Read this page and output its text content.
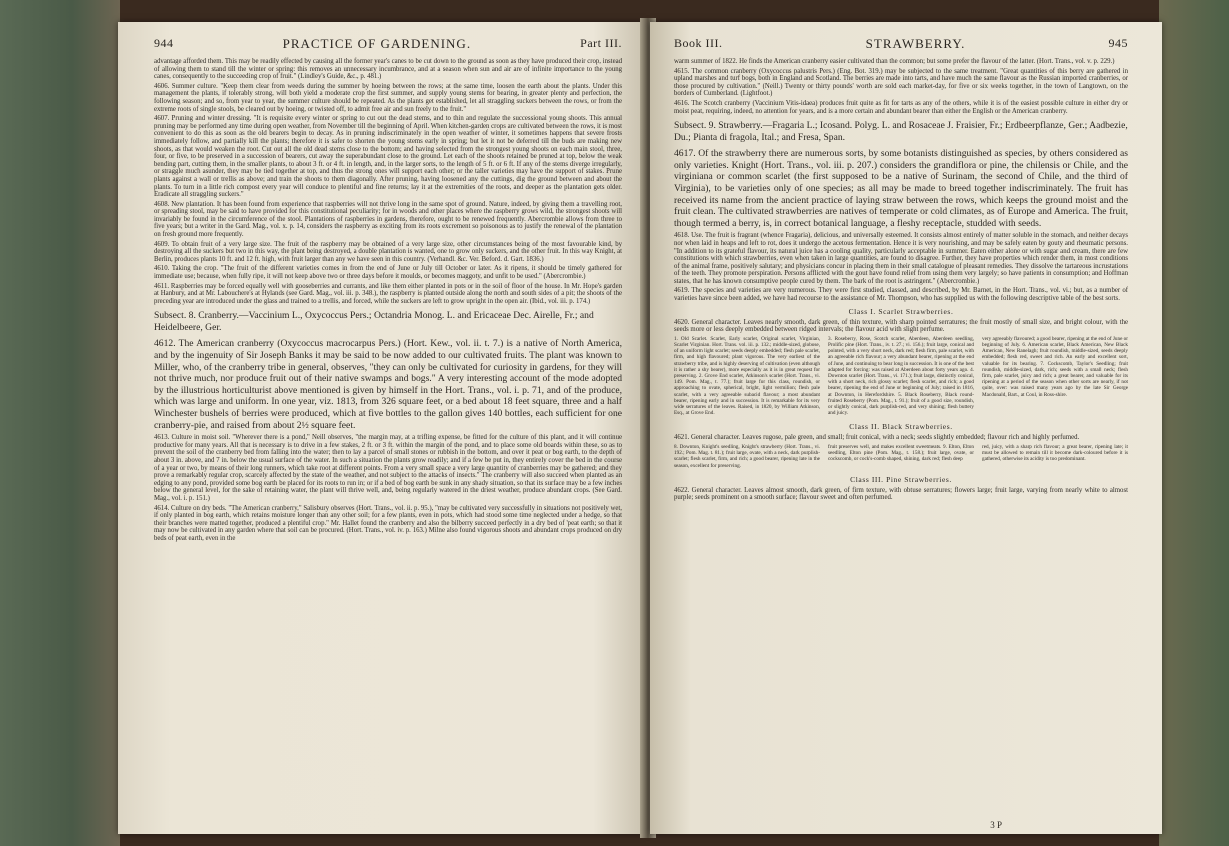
944	PRACTICE OF GARDENING.	Part III.

advantage afforded them. This may be readily effected by causing all the former year's canes to be cut down to the ground as soon as they have produced their crop, instead of allowing them to stand till the winter or spring: this removes an unnecessary incumbrance, and at a season when sun and air are of infinite importance to the young canes, consequently to the succeeding crop of fruit." (Lindley's Guide, &c., p. 481.)

4606. Summer culture. "Keep them clear from weeds during the summer by hoeing between the rows; at the same time, loosen the earth about the plants. Under this management the plants, if tolerably strong, will both yield a moderate crop the first summer, and supply young stems for bearing, in greater plenty and perfection, the following season; and so, from year to year, the summer culture should be repeated. As the plants get established, let all straggling suckers between the rows, or from the extreme roots of single stools, be cleared out by hoeing, or twisted off, to admit free air and sun freely to the fruit."

4607. Pruning and winter dressing. "It is requisite every winter or spring to cut out the dead stems, and to thin and regulate the successional young shoots. This annual pruning may be performed any time during open weather, from November till the beginning of April. When kitchen-garden crops are cultivated between the rows, it is most convenient to do this as soon as the old bearers begin to decay. As in pruning indiscriminately in the open weather of winter, it sometimes happens that severe frosts immediately follow, and partially kill the plants; therefore it is safer to shorten the young stems early in spring; but let it not be deferred till the buds are making new shoots, as that would weaken the root. Cut out all the old dead stems close to the bottom; and having selected from the strongest young shoots on each main stool, three, four, or five, to be preserved in a succession of bearers, cut away the superabundant close to the ground. Let each of the shoots retained be pruned at top, below the weak bending part, cutting them, in the smaller plants, to about 3 ft. or 4 ft. in length, and, in the larger sorts, to the length of 5 ft. or 6 ft. If any of the stems diverge irregularly, or straggle much asunder, they may be tied together at top, and thus the strong ones will support each other; or the taller varieties may have the support of stakes. Prune plants against a wall or trellis as above; and train the shoots to them diagonally. After pruning, having loosened any the cuttings, dig the ground between and about the plants. To turn in a little rich compost every year will conduce to plentiful and fine returns; lay it at the extremities of the roots, and deeper as the plantation gets older. Eradicate all straggling suckers."

4608. New plantation. It has been found from experience that raspberries will not thrive long in the same spot of ground. Nature, indeed, by giving them a travelling root, or spreading stool, may be said to have provided for this constitutional peculiarity; for in woods and other places where the raspberry grows wild, the strongest shoots will invariably be found in the circumference of the stool. Plantations of raspberries in gardens, therefore, ought to be renewed frequently. Abercrombie allows from three to five years; but a writer in the Gard. Mag., vol. x. p. 14, considers the raspberry as exciting from its roots excrement so poisonous as to justify the renewal of the plantation on fresh ground more frequently.

4609. To obtain fruit of a very large size. The fruit of the raspberry may be obtained of a very large size, other circumstances being of the most favourable kind, by destroying all the suckers but two in this way, the plant being destroyed, a double plantation is wanted, one to grow only suckers, and the other fruit. In this way Knight, at Berlin, produces plants 10 ft. and 12 ft. high, with fruit larger than any we have seen in this country. (Verhandl. &c. Ver. Beford. d. Gart. 1836.)

4610. Taking the crop. "The fruit of the different varieties comes in from the end of June or July till October or later. As it ripens, it should be timely gathered for immediate use; because, when fully ripe, it will not keep above two or three days before it moulds, or becomes maggoty, and unfit to be used." (Abercrombie.)

4611. Raspberries may be forced equally well with gooseberries and currants, and like them either planted in pots or in the soil of floor of the house. In Mr. Hope's garden at Hanbury, and at Mr. Labouchere's at Hylands (see Gard. Mag., vol. iii. p. 348.), the raspberry is planted outside along the north and south sides of a pit; the shoots of the preceding year are introduced under the glass and trained to a trellis, and forced, while the suckers are left to grow upright in the open air. (Ibid., vol. iii. p. 174.)

Subsect. 8. Cranberry.—Vaccinium L., Oxycoccus Pers.; Octandria Monog. L. and Ericaceae Dec. Airelle, Fr.; and Heidelbeere, Ger.

4612. The American cranberry (Oxycoccus macrocarpus Pers.) (Hort. Kew., vol. ii. t. 7.) is a native of North America, and by the ingenuity of Sir Joseph Banks it may be said to be now added to our cultivated fruits. The plant was known to Miller, who, of the cranberry tribe in general, observes, "they can only be cultivated for curiosity in gardens, for they will not thrive much, nor produce fruit out of their native swamps and bogs." A very interesting account of the mode adopted by the illustrious horticulturist above mentioned is given by himself in the Hort. Trans., vol. i. p. 71, and of the produce, which was large and uniform. In one year, viz. 1813, from 326 square feet, or a bed about 18 feet square, three and a half Winchester bushels of berries were produced, which at five bottles to the gallon gives 140 bottles, each sufficient for one cranberry-pie, and raised from about 2½ square feet.

4613. Culture in moist soil. "Wherever there is a pond," Neill observes, "the margin may, at a trifling expense, be fitted for the culture of this plant, and it will continue productive for many years. All that is necessary is to drive in a few stakes, 2 ft. or 3 ft. within the margin of the pond, and to place some old boards within these, so as to prevent the soil of the cranberry bed from falling into the water; then to lay a parcel of small stones or rubbish in the bottom, and over it peat or bog earth, to the depth of about 3 in. above, and 7 in. below the usual surface of the water. In such a situation the plants grow readily; and if a few be put in, they entirely cover the bed in the course of a year or two, by means of their long runners, which take root at different points. From a very small space a very large quantity of cranberries may be gathered; and they prove a remarkably regular crop, scarcely affected by the state of the weather, and not subject to the attacks of insects." The cranberry will also succeed when planted as an edging to any pond, provided some bog earth be placed for its roots to run in; or if a bed of bog earth be sunk in any shady situation, so that its surface may be a few inches below the general level, for the sake of retaining water, the plant will thrive well, and, being regularly watered in the driest weather, produce abundant crops. (See Gard. Mag., vol. i. p. 151.)

4614. Culture on dry beds. "The American cranberry," Salisbury observes (Hort. Trans., vol. ii. p. 95.), "may be cultivated very successfully in situations not positively wet, if only planted in bog earth, which retains moisture longer than any other soil; for a few plants, even in pots, which had stood some time neglected under a hedge, so that their branches were matted together, produced a plentiful crop." Mr. Hallet found the cranberry and also the bilberry succeed perfectly in a dry bed of 'peat earth; so that it may now be cultivated in any garden where that soil can be procured. (Hort. Trans., vol. iv. p. 163.) Milne also found vigorous shoots and abundant crops produced on dry beds of peat earth, even in the

Book III.	STRAWBERRY.	945

warm summer of 1822. He finds the American cranberry easier cultivated than the common; but some prefer the flavour of the latter. (Hort. Trans., vol. v. p. 229.)

4615. The common cranberry (Oxycoccus palustris Pers.) (Eng. Bot. 319.) may be subjected to the same treatment. "Great quantities of this berry are gathered in upland marshes and turf bogs, both in England and Scotland. The berries are made into tarts, and have much the same flavour as the Russian imported cranberries, or those procured by cultivation." (Neill.) Twenty or thirty pounds' worth are sold each market-day, for five or six weeks together, in the town of Langtown, on the borders of Cumberland. (Lightfoot.)

4616. The Scotch cranberry (Vaccinium Vitis-idaea) produces fruit quite as fit for tarts as any of the others, while it is of the easiest possible culture in either dry or moist peat, requiring, indeed, no attention for years, and is a more certain and abundant bearer than either the English or the American cranberry.

Subsect. 9. Strawberry.—Fragaria L.; Icosand. Polyg. L. and Rosaceae J. Fraisier, Fr.; Erdbeerpflanze, Ger.; Aadbezie, Du.; Pianta di fragola, Ital.; and Fresa, Span.

4617. Of the strawberry there are numerous sorts, by some botanists distinguished as species, by others considered as only varieties. Knight (Hort. Trans., vol. iii. p. 207.) considers the grandiflora or pine, the chilensis or Chile, and the virginiana or common scarlet (the first supposed to be a native of Surinam, the second of Chile, and the third of Virginia), to be varieties only of one species; as all may be made to breed together indiscriminately. The fruit has received its name from the ancient practice of laying straw between the rows, which keeps the ground moist and the fruit clean. The cultivated strawberries are natives of temperate or cold climates, as of Europe and America. The fruit, though termed a berry, is, in correct botanical language, a fleshy receptacle, studded with seeds.

4618. Use. The fruit is fragrant (whence Fragaria), delicious, and universally esteemed. It consists almost entirely of matter soluble in the stomach, and neither decays nor when laid in heaps and left to rot, does it undergo the acetous fermentation. Hence it is very nourishing, and may be safely eaten by gouty and rheumatic persons. "In addition to its grateful flavour, its natural juice has a cooling quality, particularly acceptable in summer. Eaten either alone or with sugar and cream, there are few constitutions with which strawberries, even when taken in large quantities, are found to disagree. Further, they have properties which render them, in most conditions of the animal frame, positively salutary; and physicians concur in placing them in their small catalogue of pleasant remedies. They dissolve the tartareous incrustations of the teeth. They promote perspiration. Persons afflicted with the gout have found relief from using them very largely; so have patients in consumption; and Hoffman states, that he has known consumptive people cured by them. The bark of the root is astringent." (Abercrombie.)

4619. The species and varieties are very numerous. They were first studied, classed, and described, by Mr. Barnet, in the Hort. Trans., vol. vi.; but, as a number of varieties have since been added, we have had recourse to the assistance of Mr. Thompson, who has supplied us with the following descriptive table of the best sorts.

Class I. Scarlet Strawberries.

4620. General character. Leaves nearly smooth, dark green, of thin texture, with sharp pointed serratures; the fruit mostly of small size, and bright colour, with the seeds more or less deeply embedded between ridged intervals; the flavour acid with slight perfume.

1. Old Scarlet. Scarlet, Early scarlet, Original scarlet, Virginian, Scarlet Virginian. Hort. Trans. vol. iii. p. 132.; middle-sized, globose, of an uniform light scarlet; seeds deeply embedded; flesh pale scarlet, firm, and high flavoured; plant vigorous. The very earliest of the strawberry tribe, and is highly deserving of cultivation (even although it is rather a shy bearer), more especially as it is in great request for preserving. 2. Grove End scarlet, Atkinson's scarlet (Hort. Trans., vi. 149. Pom. Mag., t. 77.); fruit large for this class, roundish, or approaching to ovate, spherical, bright, light vermilion; flesh pale scarlet, with a very agreeable subacid flavour; a most abundant bearer, ripening early and in succession. It is remarkable for its very wide serratures of the leaves. Raised, in 1820, by William Atkinson, Esq., at Grove End.

3. Roseberry, Rose, Scotch scarlet, Aberdeen, Aberdeen seedling, Prolific pine (Hort. Trans., iv. t. 27.; vi. 156.); fruit large, conical and pointed, with a very short neck, dark red; flesh firm, pale scarlet, with an agreeable rich flavour; a very abundant bearer, ripening at the end of June, and continuing to bear long in succession. It is one of the best adapted for forcing: was raised at Aberdeen about forty years ago. 4. Downton scarlet (Hort. Trans., vi. 171.); fruit large, distinctly conical, with a short neck, rich glossy scarlet; flesh scarlet, and rich; a good bearer, ripening the end of June or beginning of July; raised in 1816, at Downton, in Herefordshire. 5. Black Roseberry, Black round-fruited Roseberry (Pom. Mag., t. 91.); fruit of a good size, roundish, or slightly conical, dark purplish-red, and very shining; flesh buttery and juicy.

very agreeably flavoured; a good bearer, ripening at the end of June or beginning of July. 6. American scarlet, Black American, New Black American, New Ranelagh; fruit roundish, middle-sized, seeds deeply embedded; flesh red, sweet and rich. An early and excellent sort, valuable for its bearing. 7. Cockscomb, Taylor's Seedling; fruit roundish, middle-sized, dark, rich; seeds with a small neck; flesh firm, pale scarlet, juicy and rich; a great bearer, and valuable for its ripening at a period of the season when other sorts are nearly, if not quite, over: was raised many years ago by the late Sir George Macdonald, Bart., at Coul, in Ross-shire.

Class II. Black Strawberries.

4621. General character. Leaves rugose, pale green, and small; fruit conical, with a neck; seeds slightly embedded; flavour rich and highly perfumed.

8. Downton, Knight's seedling, Knight's strawberry (Hort. Trans., vi. 192.; Pom. Mag. t. 81.); fruit large, ovate, with a neck, dark purplish-scarlet; flesh scarlet, firm, and rich; a good bearer, ripening late in the season, excellent for preserving.

fruit preserves well, and makes excellent sweetmeats. 9. Elton, Elton seedling, Elton pine (Pom. Mag., t. 158.); fruit large, ovate, or cockscomb, or cock's-comb shaped, shining, dark red; flesh deep

red, juicy, with a sharp rich flavour; a great bearer, ripening late; it must be allowed to remain till it become dark-coloured before it is gathered, otherwise its acidity is too predominant.

Class III. Pine Strawberries.

4622. General character. Leaves almost smooth, dark green, of firm texture, with obtuse serratures; flowers large; fruit large, varying from nearly white to almost purple; seeds prominent on a smooth surface; flavour sweet and often perfumed.

3 P
